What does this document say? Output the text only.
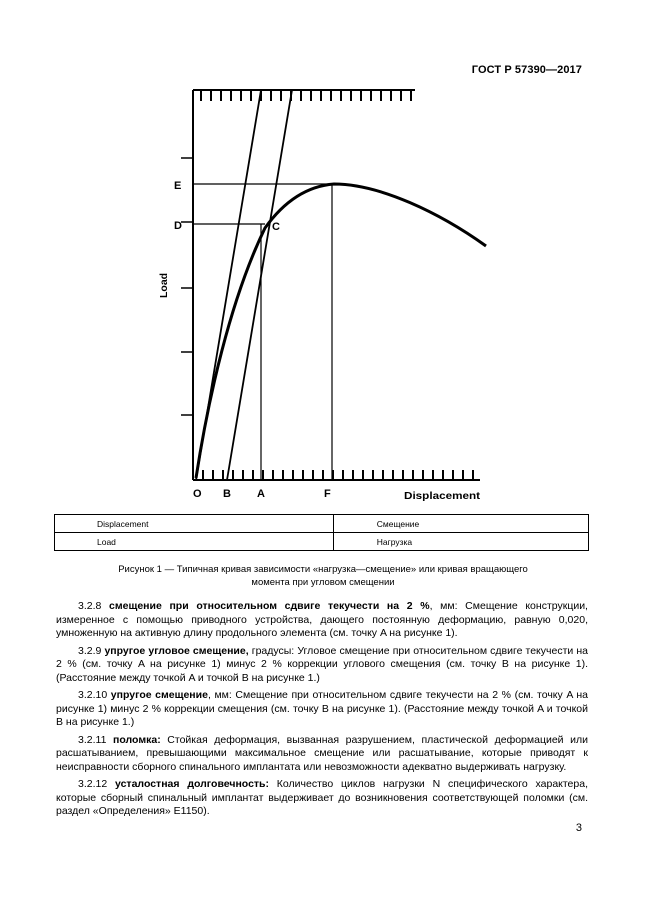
ГОСТ Р 57390—2017
E
D	C
O B A	F	Displacement
Load
Displacement	Смещение
Load	Нагрузка
Рисунок 1 — Типичная кривая зависимости «нагрузка—смещение» или кривая вращающего
момента при угловом смещении

3.2.8 смещение при относительном сдвиге текучести на 2 %, мм: Смещение конструкции, измеренное с помощью приводного устройства, дающего постоянную деформацию, равную 0,020, умноженную на активную длину продольного элемента (см. точку A на рисунке 1).

3.2.9 упругое угловое смещение, градусы: Угловое смещение при относительном сдвиге текучести на 2 % (см. точку A на рисунке 1) минус 2 % коррекции углового смещения (см. точку B на рисунке 1). (Расстояние между точкой A и точкой B на рисунке 1.)

3.2.10 упругое смещение, мм: Смещение при относительном сдвиге текучести на 2 % (см. точку A на рисунке 1) минус 2 % коррекции смещения (см. точку B на рисунке 1). (Расстояние между точкой A и точкой B на рисунке 1.)

3.2.11 поломка: Стойкая деформация, вызванная разрушением, пластической деформацией или расшатыванием, превышающими максимальное смещение или расшатывание, которые приводят к неисправности сборного спинального имплантата или невозможности адекватно выдерживать нагрузку.

3.2.12 усталостная долговечность: Количество циклов нагрузки N специфического характера, которые сборный спинальный имплантат выдерживает до возникновения соответствующей поломки (см. раздел «Определения» E1150).

3
